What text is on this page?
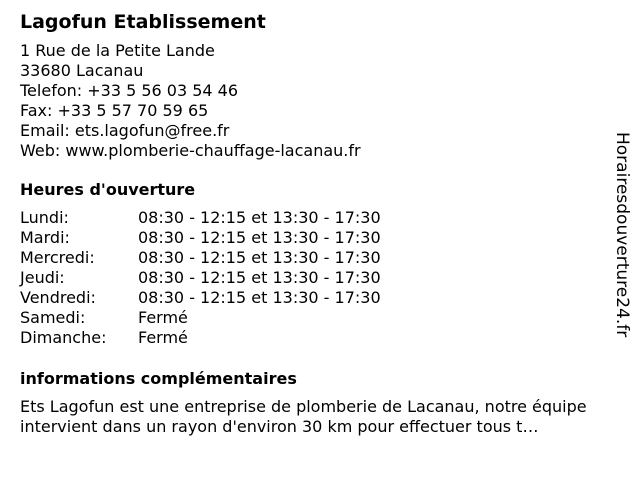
Lagofun Etablissement
1 Rue de la Petite Lande
33680 Lacanau
Telefon: +33 5 56 03 54 46
Fax: +33 5 57 70 59 65
Email: ets.lagofun@free.fr
Web: www.plomberie-chauffage-lacanau.fr
Heures d'ouverture
Lundi:	08:30 - 12:15 et 13:30 - 17:30
Mardi:	08:30 - 12:15 et 13:30 - 17:30
Mercredi:	08:30 - 12:15 et 13:30 - 17:30
Jeudi:	08:30 - 12:15 et 13:30 - 17:30
Vendredi:	08:30 - 12:15 et 13:30 - 17:30
Samedi:	Fermé
Dimanche:	Fermé
informations complémentaires
Ets Lagofun est une entreprise de plomberie de Lacanau, notre équipe intervient dans un rayon d'environ 30 km pour effectuer tous t…
Horairesdouverture24.fr
